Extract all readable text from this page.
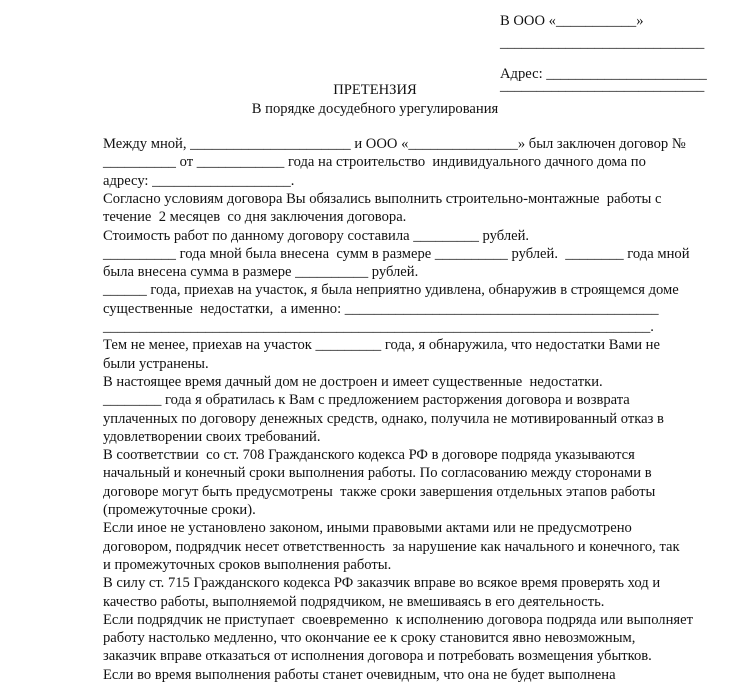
В ООО «___________»

____________________________

Адрес: ______________________

____________________________

ПРЕТЕНЗИЯ

В порядке досудебного урегулирования

Между мной, ______________________ и ООО «_______________» был заключен договор №

__________ от ____________ года на строительство  индивидуального дачного дома по

адресу: ___________________.

Согласно условиям договора Вы обязались выполнить строительно-монтажные  работы с

течение  2 месяцев  со дня заключения договора.

Стоимость работ по данному договору составила _________ рублей.

__________ года мной была внесена  сумм в размере __________ рублей.  ________ года мной

была внесена сумма в размере __________ рублей.

______ года, приехав на участок, я была неприятно удивлена, обнаружив в строящемся доме

существенные  недостатки,  а именно: ___________________________________________

___________________________________________________________________________.

Тем не менее, приехав на участок _________ года, я обнаружила, что недостатки Вами не

были устранены.

В настоящее время дачный дом не достроен и имеет существенные  недостатки.

________ года я обратилась к Вам с предложением расторжения договора и возврата

уплаченных по договору денежных средств, однако, получила не мотивированный отказ в

удовлетворении своих требований.

В соответствии  со ст. 708 Гражданского кодекса РФ в договоре подряда указываются

начальный и конечный сроки выполнения работы. По согласованию между сторонами в

договоре могут быть предусмотрены  также сроки завершения отдельных этапов работы

(промежуточные сроки).

Если иное не установлено законом, иными правовыми актами или не предусмотрено

договором, подрядчик несет ответственность  за нарушение как начального и конечного, так

и промежуточных сроков выполнения работы.

В силу ст. 715 Гражданского кодекса РФ заказчик вправе во всякое время проверять ход и

качество работы, выполняемой подрядчиком, не вмешиваясь в его деятельность.

Если подрядчик не приступает  своевременно  к исполнению договора подряда или выполняет

работу настолько медленно, что окончание ее к сроку становится явно невозможным,

заказчик вправе отказаться от исполнения договора и потребовать возмещения убытков.

Если во время выполнения работы станет очевидным, что она не будет выполнена
